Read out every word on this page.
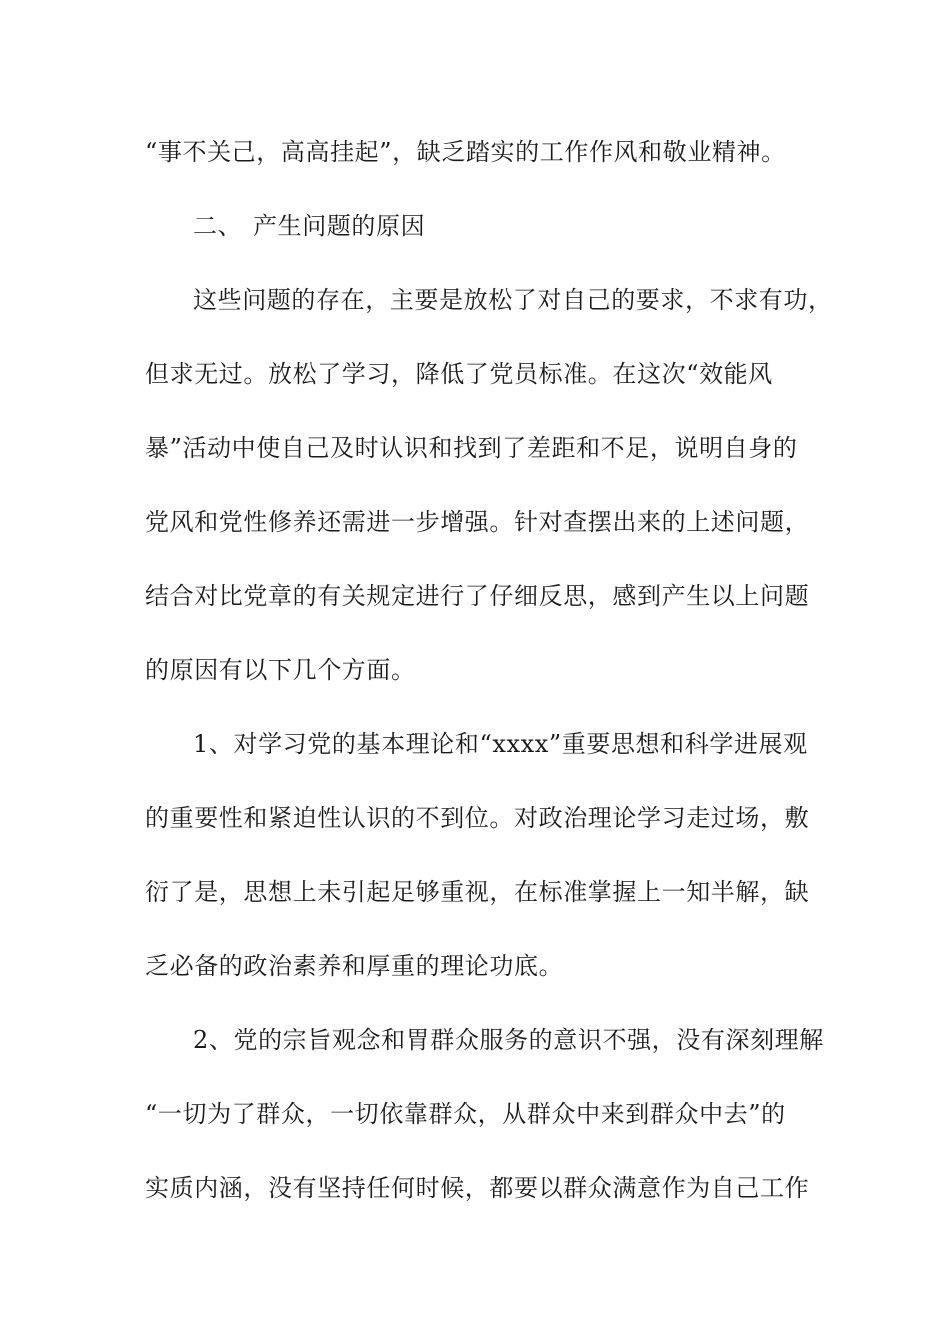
“事不关己，高高挂起”，缺乏踏实的工作作风和敬业精神。
二、 产生问题的原因
这些问题的存在，主要是放松了对自己的要求，不求有功，
但求无过。放松了学习，降低了党员标准。在这次“效能风
暴”活动中使自己及时认识和找到了差距和不足，说明自身的
党风和党性修养还需进一步增强。针对查摆出来的上述问题，
结合对比党章的有关规定进行了仔细反思，感到产生以上问题
的原因有以下几个方面。
1、对学习党的基本理论和“xxxx”重要思想和科学进展观
的重要性和紧迫性认识的不到位。对政治理论学习走过场，敷
衍了是，思想上未引起足够重视，在标准掌握上一知半解，缺
乏必备的政治素养和厚重的理论功底。
2、党的宗旨观念和胃群众服务的意识不强，没有深刻理解
“一切为了群众，一切依靠群众，从群众中来到群众中去”的
实质内涵，没有坚持任何时候，都要以群众满意作为自己工作
